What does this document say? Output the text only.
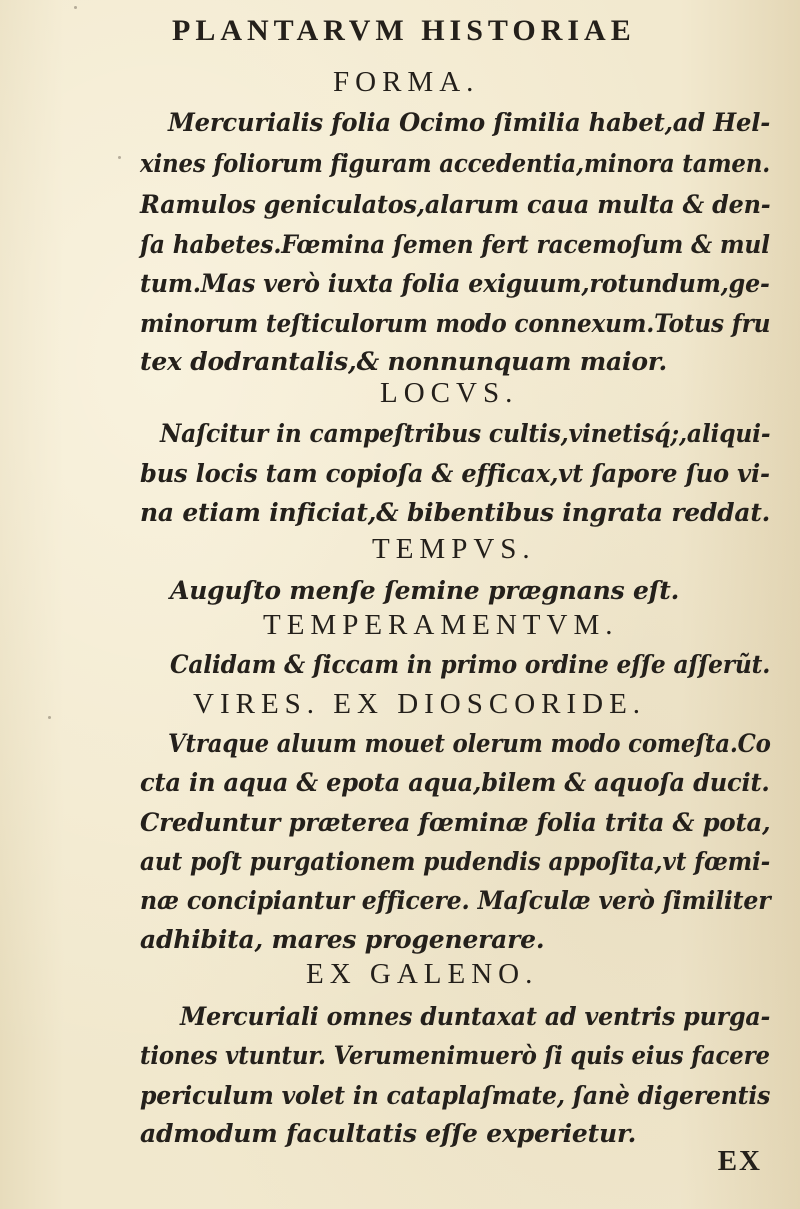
PLANTARVM HISTORIAE
FORMA.
Mercurialis folia Ocimo ſimilia habet,ad Hel-
xines foliorum figuram accedentia,minora tamen.
Ramulos geniculatos,alarum caua multa & den-
ſa habetes.Fœmina ſemen fert racemoſum & mul
tum.Mas verò iuxta folia exiguum,rotundum,ge-
minorum teſticulorum modo connexum.Totus fru
tex dodrantalis,& nonnunquam maior.
LOCVS.
Naſcitur in campeſtribus cultis,vinetisq́;,aliqui-
bus locis tam copioſa & efficax,vt ſapore ſuo vi-
na etiam inficiat,& bibentibus ingrata reddat.
TEMPVS.
Auguſto menſe ſemine prægnans eſt.
TEMPERAMENTVM.
Calidam & ſiccam in primo ordine eſſe aſſerũt.
VIRES. EX DIOSCORIDE.
Vtraque aluum mouet olerum modo comeſta.Co
cta in aqua & epota aqua,bilem & aquoſa ducit.
Creduntur præterea fœminæ folia trita & pota,
aut poſt purgationem pudendis appoſita,vt fœmi-
næ concipiantur efficere. Maſculæ verò ſimiliter
adhibita, mares progenerare.
EX GALENO.
Mercuriali omnes duntaxat ad ventris purga-
tiones vtuntur. Verumenimuerò ſi quis eius facere
periculum volet in cataplaſmate, ſanè digerentis
admodum facultatis eſſe experietur.
EX
